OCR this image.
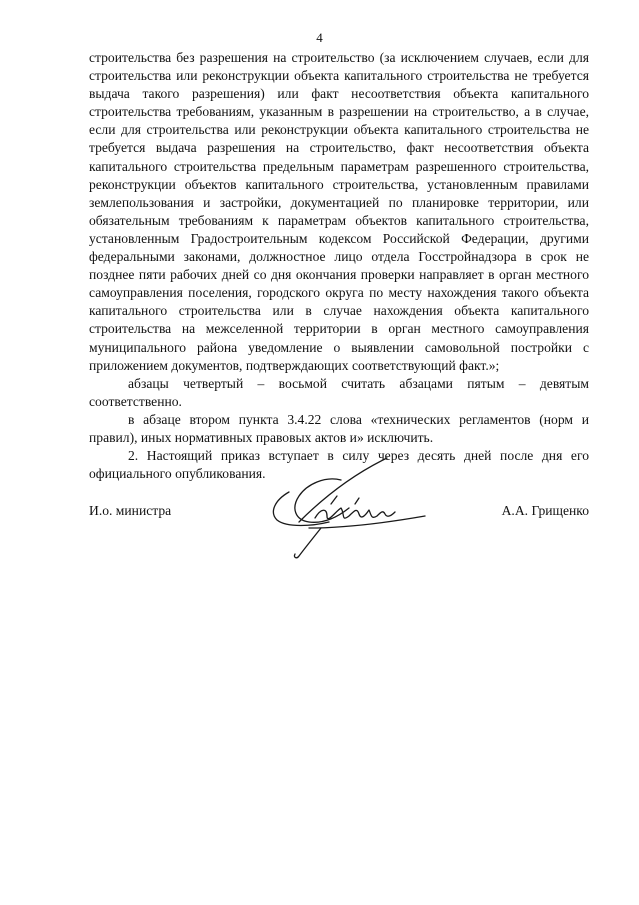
4

строительства без разрешения на строительство (за исключением случаев, если для строительства или реконструкции объекта капитального строительства не требуется выдача такого разрешения) или факт несоответствия объекта капитального строительства требованиям, указанным в разрешении на строительство, а в случае, если для строительства или реконструкции объекта капитального строительства не требуется выдача разрешения на строительство, факт несоответствия объекта капитального строительства предельным параметрам разрешенного строительства, реконструкции объектов капитального строительства, установленным правилами землепользования и застройки, документацией по планировке территории, или обязательным требованиям к параметрам объектов капитального строительства, установленным Градостроительным кодексом Российской Федерации, другими федеральными законами, должностное лицо отдела Госстройнадзора в срок не позднее пяти рабочих дней со дня окончания проверки направляет в орган местного самоуправления поселения, городского округа по месту нахождения такого объекта капитального строительства или в случае нахождения объекта капитального строительства на межселенной территории в орган местного самоуправления муниципального района уведомление о выявлении самовольной постройки с приложением документов, подтверждающих соответствующий факт.»;

абзацы четвертый – восьмой считать абзацами пятым – девятым соответственно.

в абзаце втором пункта 3.4.22 слова «технических регламентов (норм и правил), иных нормативных правовых актов и» исключить.

2. Настоящий приказ вступает в силу через десять дней после дня его официального опубликования.

И.о. министра	А.А. Грищенко
